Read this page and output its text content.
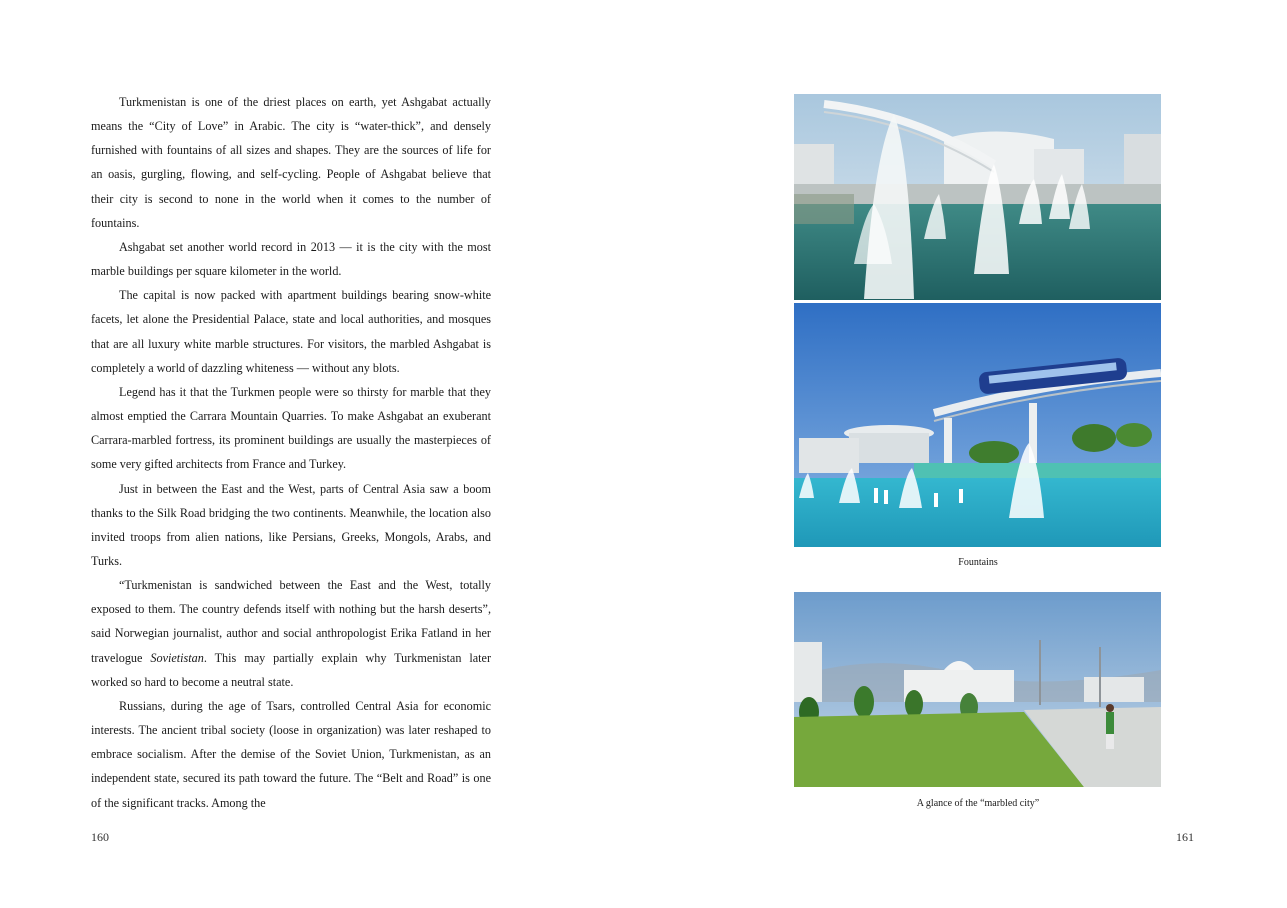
Turkmenistan is one of the driest places on earth, yet Ashgabat actually means the “City of Love” in Arabic. The city is “water-thick”, and densely furnished with fountains of all sizes and shapes. They are the sources of life for an oasis, gurgling, flowing, and self-cycling. People of Ashgabat believe that their city is second to none in the world when it comes to the number of fountains.

Ashgabat set another world record in 2013 — it is the city with the most marble buildings per square kilometer in the world.

The capital is now packed with apartment buildings bearing snow-white facets, let alone the Presidential Palace, state and local authorities, and mosques that are all luxury white marble structures. For visitors, the marbled Ashgabat is completely a world of dazzling whiteness — without any blots.

Legend has it that the Turkmen people were so thirsty for marble that they almost emptied the Carrara Mountain Quarries. To make Ashgabat an exuberant Carrara-marbled fortress, its prominent buildings are usually the masterpieces of some very gifted architects from France and Turkey.

Just in between the East and the West, parts of Central Asia saw a boom thanks to the Silk Road bridging the two continents. Meanwhile, the location also invited troops from alien nations, like Persians, Greeks, Mongols, Arabs, and Turks.

“Turkmenistan is sandwiched between the East and the West, totally exposed to them. The country defends itself with nothing but the harsh deserts”, said Norwegian journalist, author and social anthropologist Erika Fatland in her travelogue Sovietistan. This may partially explain why Turkmenistan later worked so hard to become a neutral state.

Russians, during the age of Tsars, controlled Central Asia for economic interests. The ancient tribal society (loose in organization) was later reshaped to embrace socialism. After the demise of the Soviet Union, Turkmenistan, as an independent state, secured its path toward the future. The “Belt and Road” is one of the significant tracks. Among the

160
Fountains
A glance of the “marbled city”
161
